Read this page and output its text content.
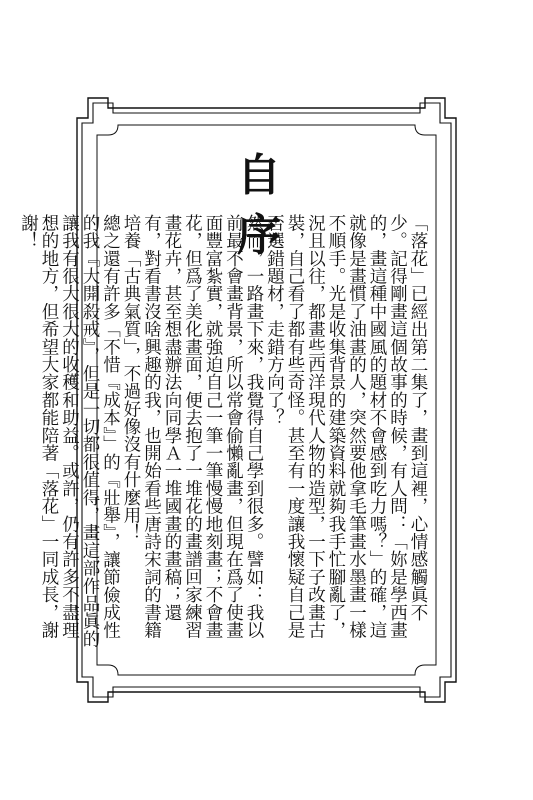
自序	「落花」已經出第二集了，畫到這裡，心情感觸眞不少。記得剛畫這個故事的時候，有人問：「妳是學西畫的，畫這種中國風的題材不會感到吃力嗎？」的確，這就像是畫慣了油畫的人，突然要他拿毛筆畫水墨畫一樣不順手。光是收集背景的建築資料就夠我手忙腳亂了，況且以往，都畫些西洋現代人物的造型，一下子改畫古裝，自己看了都有些奇怪。甚至有一度讓我懷疑自己是否選錯題材，走錯方向了？

然而，一路畫下來，我覺得自己學到很多。譬如：我以前最不會畫背景，所以常會偷懶亂畫，但現在爲了使畫面豐富紮實，就強迫自己一筆一筆慢慢地刻畫；不會畫花，但爲了美化畫面，便去抱了一堆花的畫譜回家練習畫花卉，甚至想盡辦法向同學Ａ一堆國畫的畫稿；還有，對看書沒啥興趣的我，也開始看些唐詩宋詞的書籍培養「古典氣質」，不過好像沒有什麼用！

總之還有許多「不惜『成本』」的『壯舉』，讓節儉成性的我『大開殺戒』，但是一切都很值得，畫這部作品眞的讓我有很大很大的收穫和助益。或許，仍有許多不盡理想的地方，但希望大家都能陪著「落花」一同成長，謝謝！
